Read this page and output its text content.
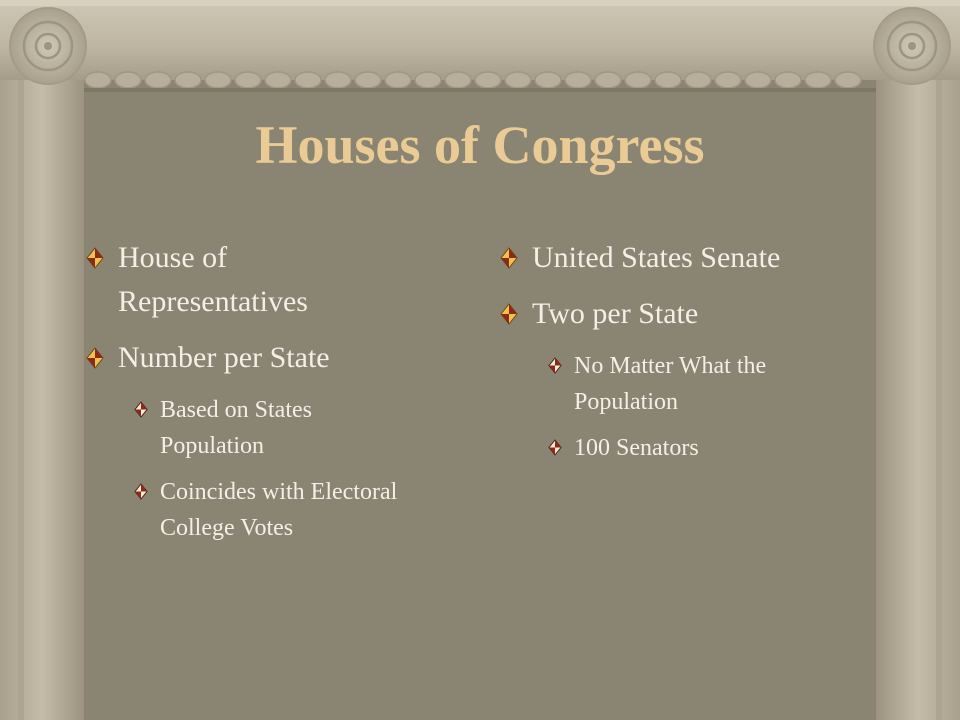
Houses of Congress
House of Representatives
Number per State
Based on States Population
Coincides with Electoral College Votes
United States Senate
Two per State
No Matter What the Population
100 Senators
